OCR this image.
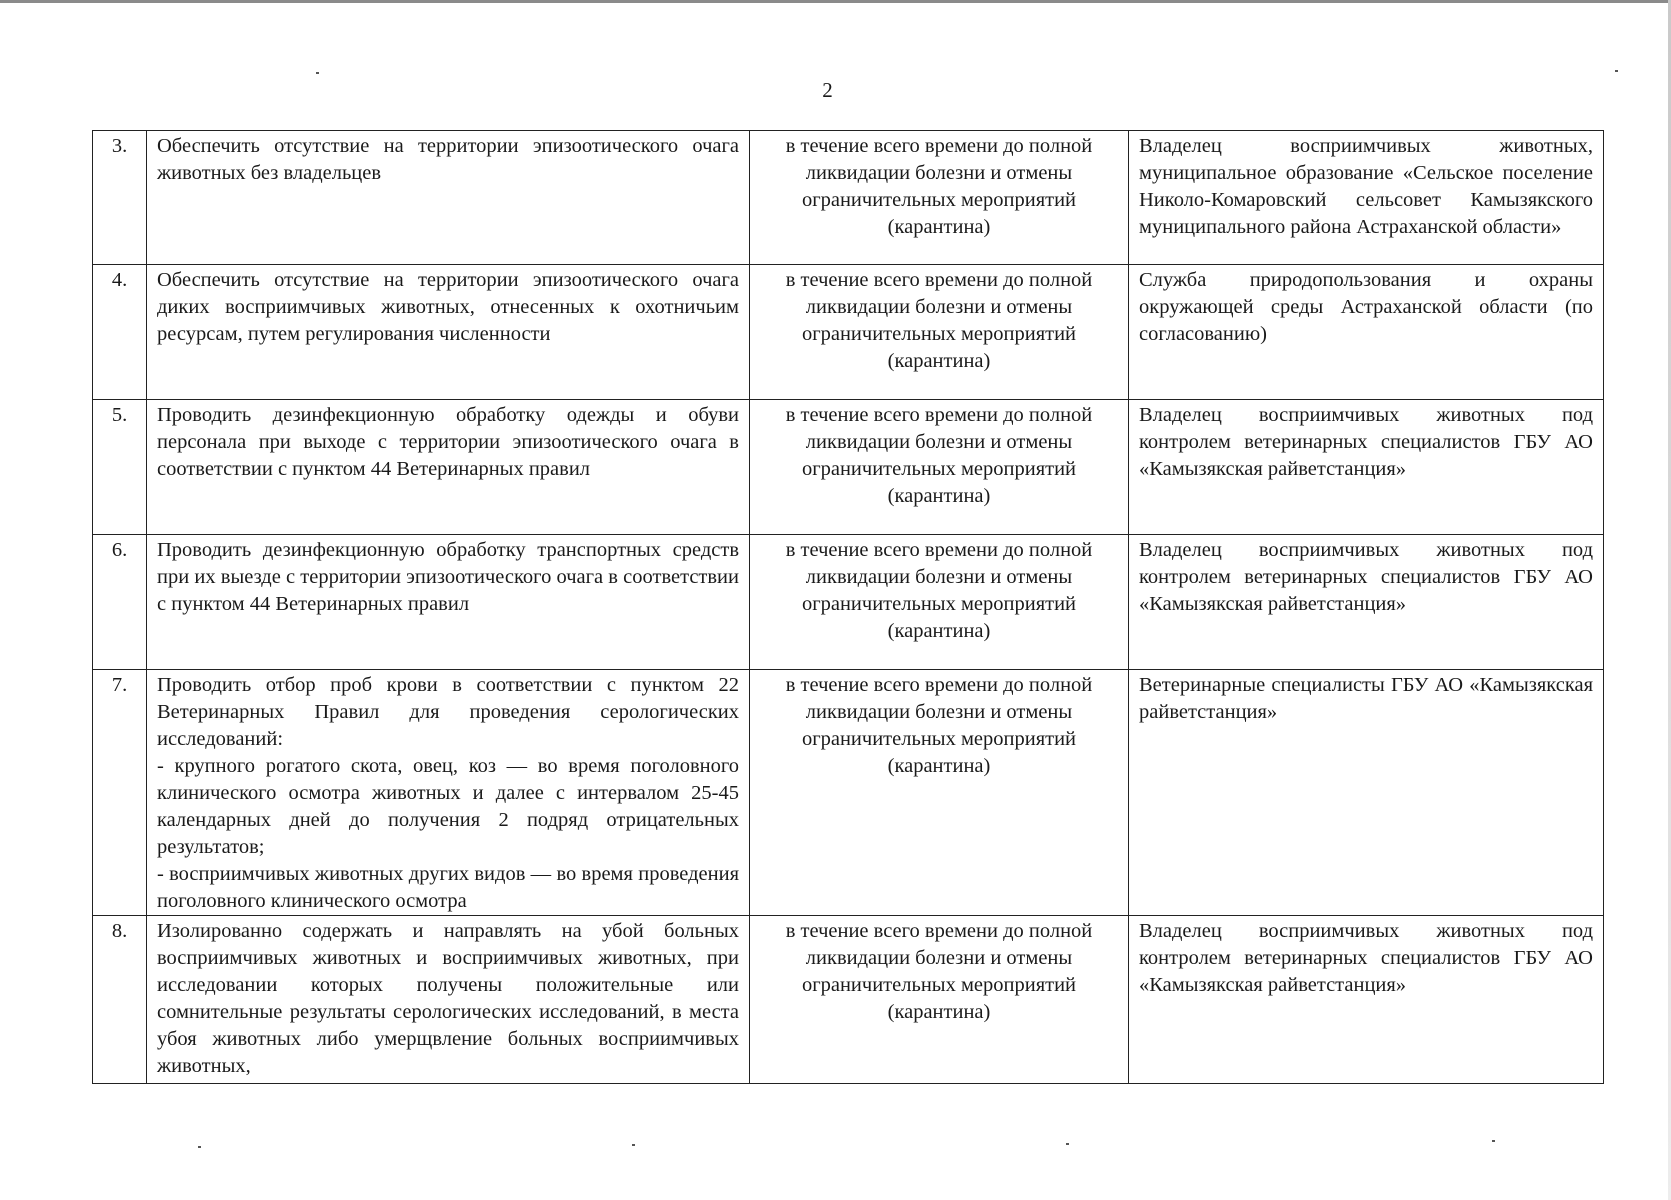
2
3.	Обеспечить отсутствие на территории эпизоотического очага животных без владельцев	в течение всего времени до полной ликвидации болезни и отмены ограничительных мероприятий (карантина)	Владелец восприимчивых животных, муниципальное образование «Сельское поселение Николо-Комаровский сельсовет Камызякского муниципального района Астраханской области»
4.	Обеспечить отсутствие на территории эпизоотического очага диких восприимчивых животных, отнесенных к охотничьим ресурсам, путем регулирования численности	в течение всего времени до полной ликвидации болезни и отмены ограничительных мероприятий (карантина)	Служба природопользования и охраны окружающей среды Астраханской области (по согласованию)
5.	Проводить дезинфекционную обработку одежды и обуви персонала при выходе с территории эпизоотического очага в соответствии с пунктом 44 Ветеринарных правил	в течение всего времени до полной ликвидации болезни и отмены ограничительных мероприятий (карантина)	Владелец восприимчивых животных под контролем ветеринарных специалистов ГБУ АО «Камызякская райветстанция»
6.	Проводить дезинфекционную обработку транспортных средств при их выезде с территории эпизоотического очага в соответствии с пунктом 44 Ветеринарных правил	в течение всего времени до полной ликвидации болезни и отмены ограничительных мероприятий (карантина)	Владелец восприимчивых животных под контролем ветеринарных специалистов ГБУ АО «Камызякская райветстанция»
7.	Проводить отбор проб крови в соответствии с пунктом 22 Ветеринарных Правил для проведения серологических исследований:
- крупного рогатого скота, овец, коз — во время поголовного клинического осмотра животных и далее с интервалом 25-45 календарных дней до получения 2 подряд отрицательных результатов;
- восприимчивых животных других видов — во время проведения поголовного клинического осмотра	в течение всего времени до полной ликвидации болезни и отмены ограничительных мероприятий (карантина)	Ветеринарные специалисты ГБУ АО «Камызякская райветстанция»
8.	Изолированно содержать и направлять на убой больных восприимчивых животных и восприимчивых животных, при исследовании которых получены положительные или сомнительные результаты серологических исследований, в места убоя животных либо умерщвление больных восприимчивых животных,	в течение всего времени до полной ликвидации болезни и отмены ограничительных мероприятий (карантина)	Владелец восприимчивых животных под контролем ветеринарных специалистов ГБУ АО «Камызякская райветстанция»
